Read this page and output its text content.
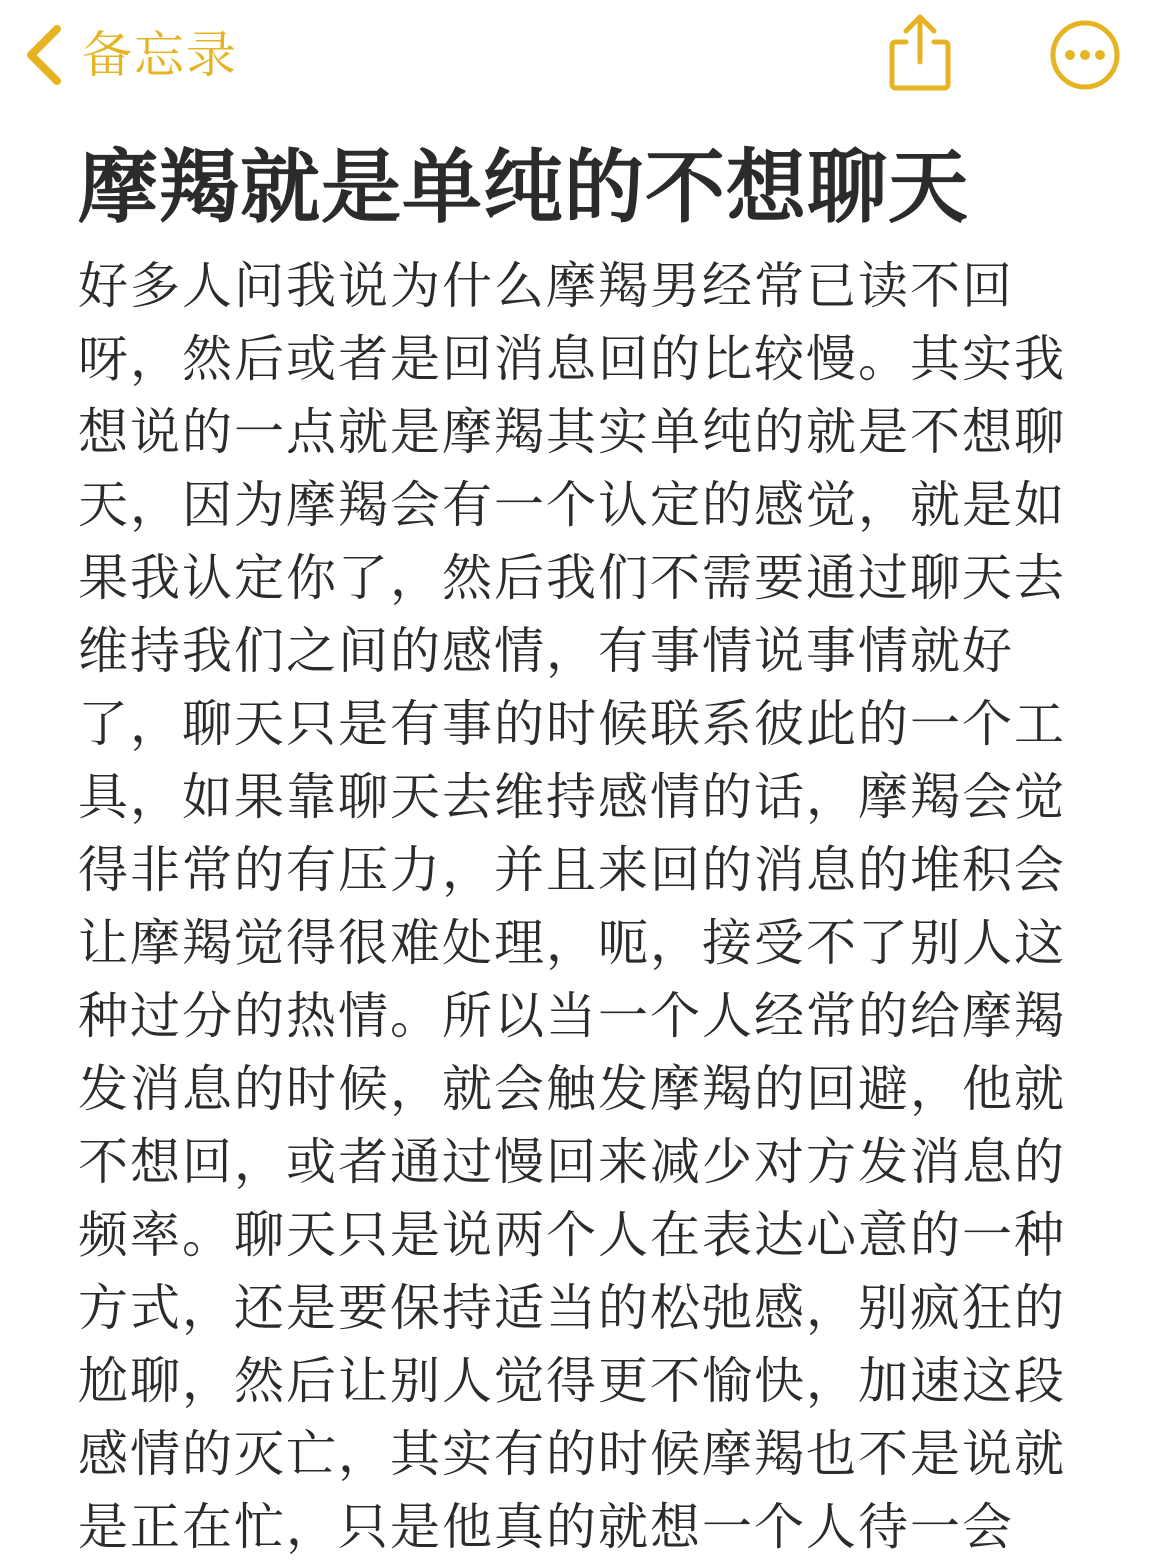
备忘录
摩羯就是单纯的不想聊天
好多人问我说为什么摩羯男经常已读不回
呀，然后或者是回消息回的比较慢。其实我
想说的一点就是摩羯其实单纯的就是不想聊
天，因为摩羯会有一个认定的感觉，就是如
果我认定你了，然后我们不需要通过聊天去
维持我们之间的感情，有事情说事情就好
了，聊天只是有事的时候联系彼此的一个工
具，如果靠聊天去维持感情的话，摩羯会觉
得非常的有压力，并且来回的消息的堆积会
让摩羯觉得很难处理，呃，接受不了别人这
种过分的热情。所以当一个人经常的给摩羯
发消息的时候，就会触发摩羯的回避，他就
不想回，或者通过慢回来减少对方发消息的
频率。聊天只是说两个人在表达心意的一种
方式，还是要保持适当的松弛感，别疯狂的
尬聊，然后让别人觉得更不愉快，加速这段
感情的灭亡，其实有的时候摩羯也不是说就
是正在忙，只是他真的就想一个人待一会
